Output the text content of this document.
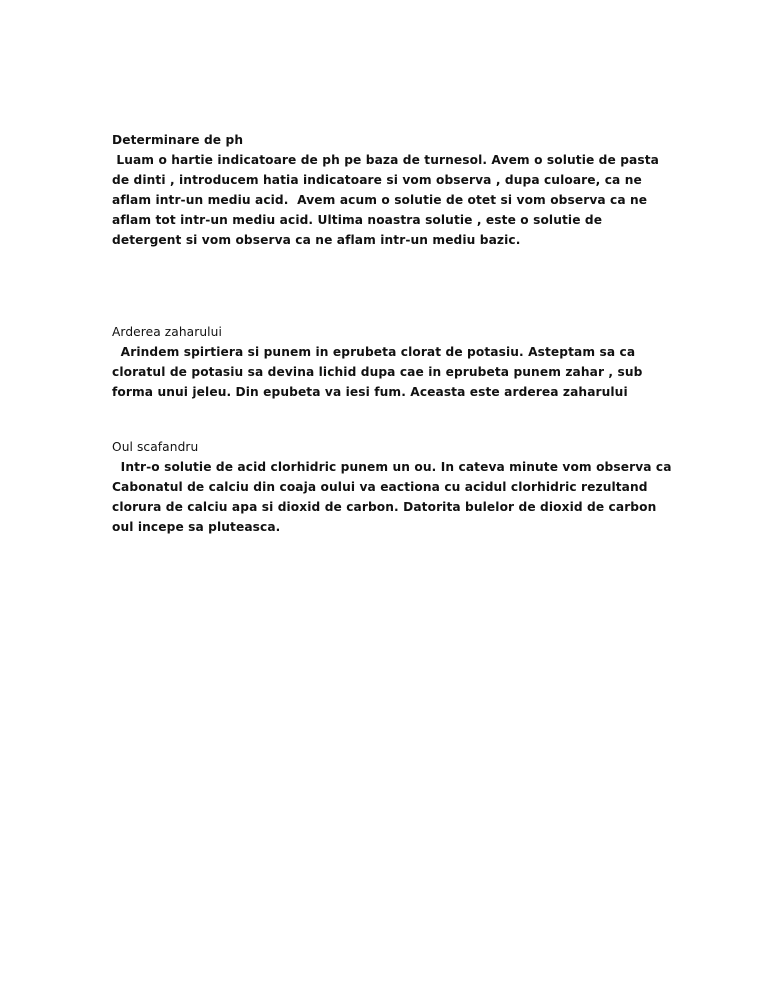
Determinare de ph
Luam o hartie indicatoare de ph pe baza de turnesol. Avem o solutie de pasta
de dinti , introducem hatia indicatoare si vom observa , dupa culoare, ca ne
aflam intr-un mediu acid.  Avem acum o solutie de otet si vom observa ca ne
aflam tot intr-un mediu acid. Ultima noastra solutie , este o solutie de
detergent si vom observa ca ne aflam intr-un mediu bazic.
Arderea zaharului
Arindem spirtiera si punem in eprubeta clorat de potasiu. Asteptam sa ca
cloratul de potasiu sa devina lichid dupa cae in eprubeta punem zahar , sub
forma unui jeleu. Din epubeta va iesi fum. Aceasta este arderea zaharului
Oul scafandru
Intr-o solutie de acid clorhidric punem un ou. In cateva minute vom observa ca
Cabonatul de calciu din coaja oului va eactiona cu acidul clorhidric rezultand
clorura de calciu apa si dioxid de carbon. Datorita bulelor de dioxid de carbon
oul incepe sa pluteasca.
